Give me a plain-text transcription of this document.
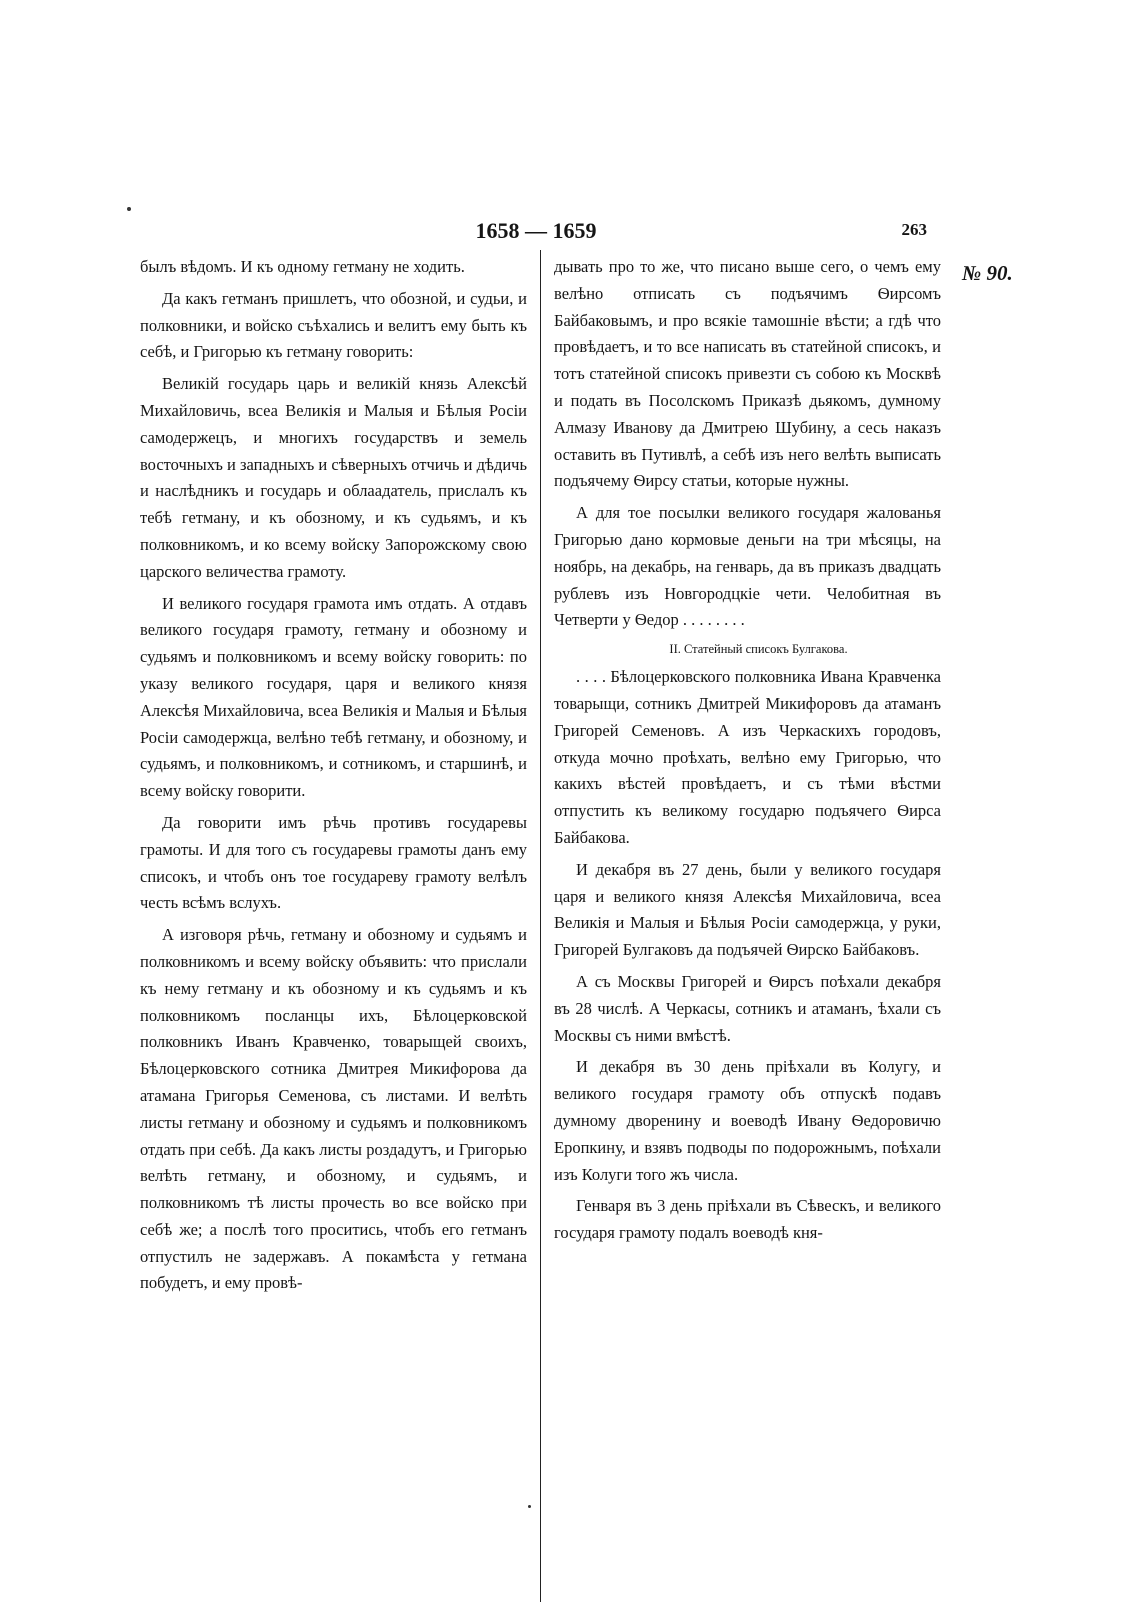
1658 — 1659	263
№ 90.

былъ вѣдомъ. И къ одному гетману не ходить.

Да какъ гетманъ пришлетъ, что обозной, и судьи, и полковники, и войско съѣхались и велитъ ему быть къ себѣ, и Григорью къ гетману говорить:

Великій государь царь и великій князь Алексѣй Михайловичь, всеа Великія и Малыя и Бѣлыя Росіи самодержецъ, и многихъ государствъ и земель восточныхъ и западныхъ и сѣверныхъ отчичь и дѣдичь и наслѣдникъ и государь и облаадатель, прислалъ къ тебѣ гетману, и къ обозному, и къ судьямъ, и къ полковникомъ, и ко всему войску Запорожскому свою царского величества грамоту.

И великого государя грамота имъ отдать. А отдавъ великого государя грамоту, гетману и обозному и судьямъ и полковникомъ и всему войску говорить: по указу великого государя, царя и великого князя Алексѣя Михайловича, всеа Великія и Малыя и Бѣлыя Росіи самодержца, велѣно тебѣ гетману, и обозному, и судьямъ, и полковникомъ, и сотникомъ, и старшинѣ, и всему войску говорити.

Да говорити имъ рѣчь противъ государевы грамоты. И для того съ государевы грамоты данъ ему списокъ, и чтобъ онъ тое государеву грамоту велѣлъ честь всѣмъ вслухъ.

А изговоря рѣчь, гетману и обозному и судьямъ и полковникомъ и всему войску объявить: что прислали къ нему гетману и къ обозному и къ судьямъ и къ полковникомъ посланцы ихъ, Бѣлоцерковской полковникъ Иванъ Кравченко, товарыщей своихъ, Бѣлоцерковского сотника Дмитрея Микифорова да атамана Григорья Семенова, съ листами. И велѣть листы гетману и обозному и судьямъ и полковникомъ отдать при себѣ. Да какъ листы роздадутъ, и Григорью велѣть гетману, и обозному, и судьямъ, и полковникомъ тѣ листы прочесть во все войско при себѣ же; а послѣ того проситись, чтобъ его гетманъ отпустилъ не задержавъ. А покамѣста у гетмана побудетъ, и ему провѣ-

дывать про то же, что писано выше сего, о чемъ ему велѣно отписать съ подъячимъ Ѳирсомъ Байбаковымъ, и про всякіе тамошніе вѣсти; а гдѣ что провѣдаетъ, и то все написать въ статейной списокъ, и тотъ статейной списокъ привезти съ собою къ Москвѣ и подать въ Посолскомъ Приказѣ дьякомъ, думному Алмазу Иванову да Дмитрею Шубину, а сесь наказъ оставить въ Путивлѣ, а себѣ изъ него велѣть выписать подъячему Ѳирсу статьи, которые нужны.

А для тое посылки великого государя жалованья Григорью дано кормовые деньги на три мѣсяцы, на ноябрь, на декабрь, на генварь, да въ приказъ двадцать рублевъ изъ Новгородцкіе чети. Челобитная въ Четверти у Ѳедор . . . . . . . .

II. Статейный списокъ Булгакова.

. . . . Бѣлоцерковского полковника Ивана Кравченка товарыщи, сотникъ Дмитрей Микифоровъ да атаманъ Григорей Семеновъ. А изъ Черкаскихъ городовъ, откуда мочно проѣхать, велѣно ему Григорью, что какихъ вѣстей провѣдаетъ, и съ тѣми вѣстми отпустить къ великому государю подъячего Ѳирса Байбакова.

И декабря въ 27 день, были у великого государя царя и великого князя Алексѣя Михайловича, всеа Великія и Малыя и Бѣлыя Росіи самодержца, у руки, Григорей Булгаковъ да подъячей Ѳирско Байбаковъ.

А съ Москвы Григорей и Ѳирсъ поѣхали декабря въ 28 числѣ. А Черкасы, сотникъ и атаманъ, ѣхали съ Москвы съ ними вмѣстѣ.

И декабря въ 30 день пріѣхали въ Колугу, и великого государя грамоту объ отпускѣ подавъ думному дворенину и воеводѣ Ивану Ѳедоровичю Еропкину, и взявъ подводы по подорожнымъ, поѣхали изъ Колуги того жъ числа.

Генваря въ 3 день пріѣхали въ Сѣвескъ, и великого государя грамоту подалъ воеводѣ кня-
